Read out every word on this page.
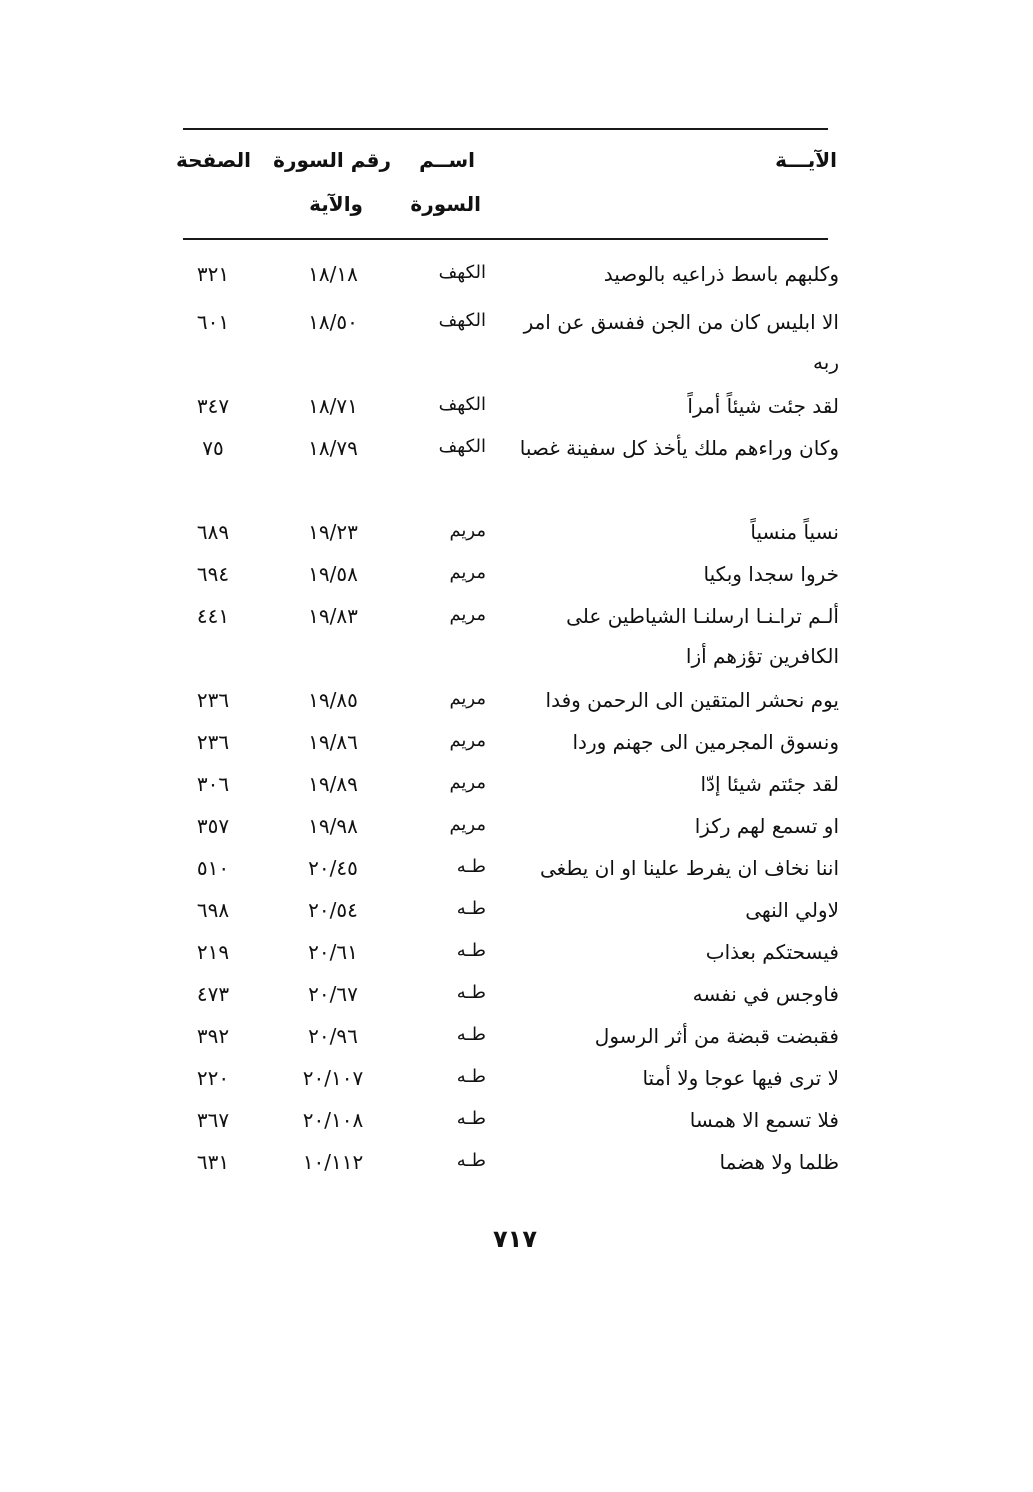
الآيـــة
اســم
السورة
رقم السورة
والآية
الصفحة
وكلبهم باسط ذراعيه بالوصيد
الكهف
١٨/١٨
٣٢١
الا ابليس كان من الجن ففسق عن امر ربه
الكهف
١٨/٥٠
٦٠١
لقد جئت شيئاً أمراً
الكهف
١٨/٧١
٣٤٧
وكان وراءهم ملك يأخذ كل سفينة غصبا
الكهف
١٨/٧٩
٧٥
نسياً منسياً
مريم
١٩/٢٣
٦٨٩
خروا سجدا وبكيا
مريم
١٩/٥٨
٦٩٤
ألـم تراـنـا ارسلنـا الشياطين على الكافرين تؤزهم أزا
مريم
١٩/٨٣
٤٤١
يوم نحشر المتقين الى الرحمن وفدا
مريم
١٩/٨٥
٢٣٦
ونسوق المجرمين الى جهنم وردا
مريم
١٩/٨٦
٢٣٦
لقد جئتم شيئا إدّا
مريم
١٩/٨٩
٣٠٦
او تسمع لهم ركزا
مريم
١٩/٩٨
٣٥٧
اننا نخاف ان يفرط علينا او ان يطغى
طـه
٢٠/٤٥
٥١٠
لاولي النهى
طـه
٢٠/٥٤
٦٩٨
فيسحتكم بعذاب
طـه
٢٠/٦١
٢١٩
فاوجس في نفسه
طـه
٢٠/٦٧
٤٧٣
فقبضت قبضة من أثر الرسول
طـه
٢٠/٩٦
٣٩٢
لا ترى فيها عوجا ولا أمتا
طـه
٢٠/١٠٧
٢٢٠
فلا تسمع الا همسا
طـه
٢٠/١٠٨
٣٦٧
ظلما ولا هضما
طـه
١٠/١١٢
٦٣١
٧١٧
